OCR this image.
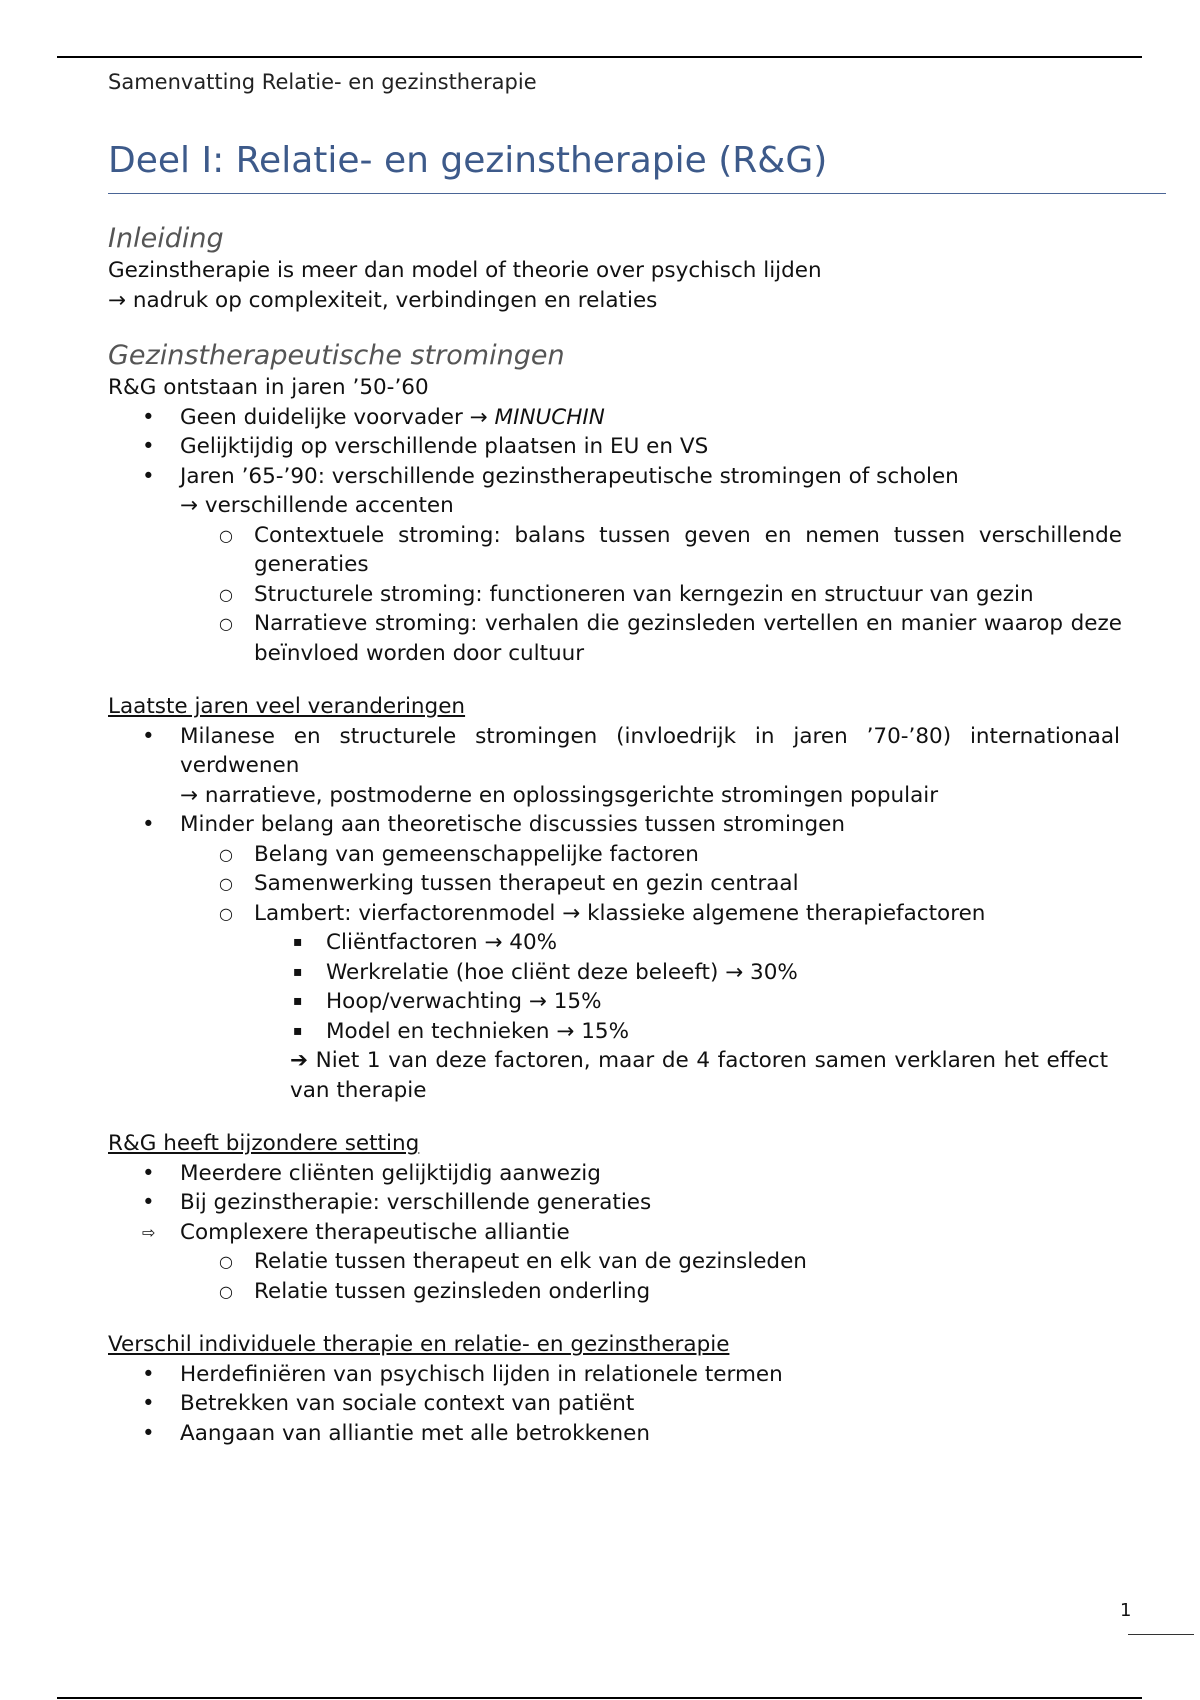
Samenvatting Relatie- en gezinstherapie
Deel I: Relatie- en gezinstherapie (R&G)
Inleiding
Gezinstherapie is meer dan model of theorie over psychisch lijden
→ nadruk op complexiteit, verbindingen en relaties
Gezinstherapeutische stromingen
R&G ontstaan in jaren ’50-’60
• Geen duidelijke voorvader → MINUCHIN
• Gelijktijdig op verschillende plaatsen in EU en VS
• Jaren ’65-’90: verschillende gezinstherapeutische stromingen of scholen
→ verschillende accenten
○ Contextuele stroming: balans tussen geven en nemen tussen verschillende generaties
○ Structurele stroming: functioneren van kerngezin en structuur van gezin
○ Narratieve stroming: verhalen die gezinsleden vertellen en manier waarop deze beïnvloed worden door cultuur
Laatste jaren veel veranderingen
• Milanese en structurele stromingen (invloedrijk in jaren ’70-’80) internationaal verdwenen
→ narratieve, postmoderne en oplossingsgerichte stromingen populair
• Minder belang aan theoretische discussies tussen stromingen
○ Belang van gemeenschappelijke factoren
○ Samenwerking tussen therapeut en gezin centraal
○ Lambert: vierfactorenmodel → klassieke algemene therapiefactoren
▪ Cliëntfactoren → 40%
▪ Werkrelatie (hoe cliënt deze beleeft) → 30%
▪ Hoop/verwachting → 15%
▪ Model en technieken → 15%
➔ Niet 1 van deze factoren, maar de 4 factoren samen verklaren het effect van therapie
R&G heeft bijzondere setting
• Meerdere cliënten gelijktijdig aanwezig
• Bij gezinstherapie: verschillende generaties
⇨ Complexere therapeutische alliantie
○ Relatie tussen therapeut en elk van de gezinsleden
○ Relatie tussen gezinsleden onderling
Verschil individuele therapie en relatie- en gezinstherapie
• Herdefiniëren van psychisch lijden in relationele termen
• Betrekken van sociale context van patiënt
• Aangaan van alliantie met alle betrokkenen
1
